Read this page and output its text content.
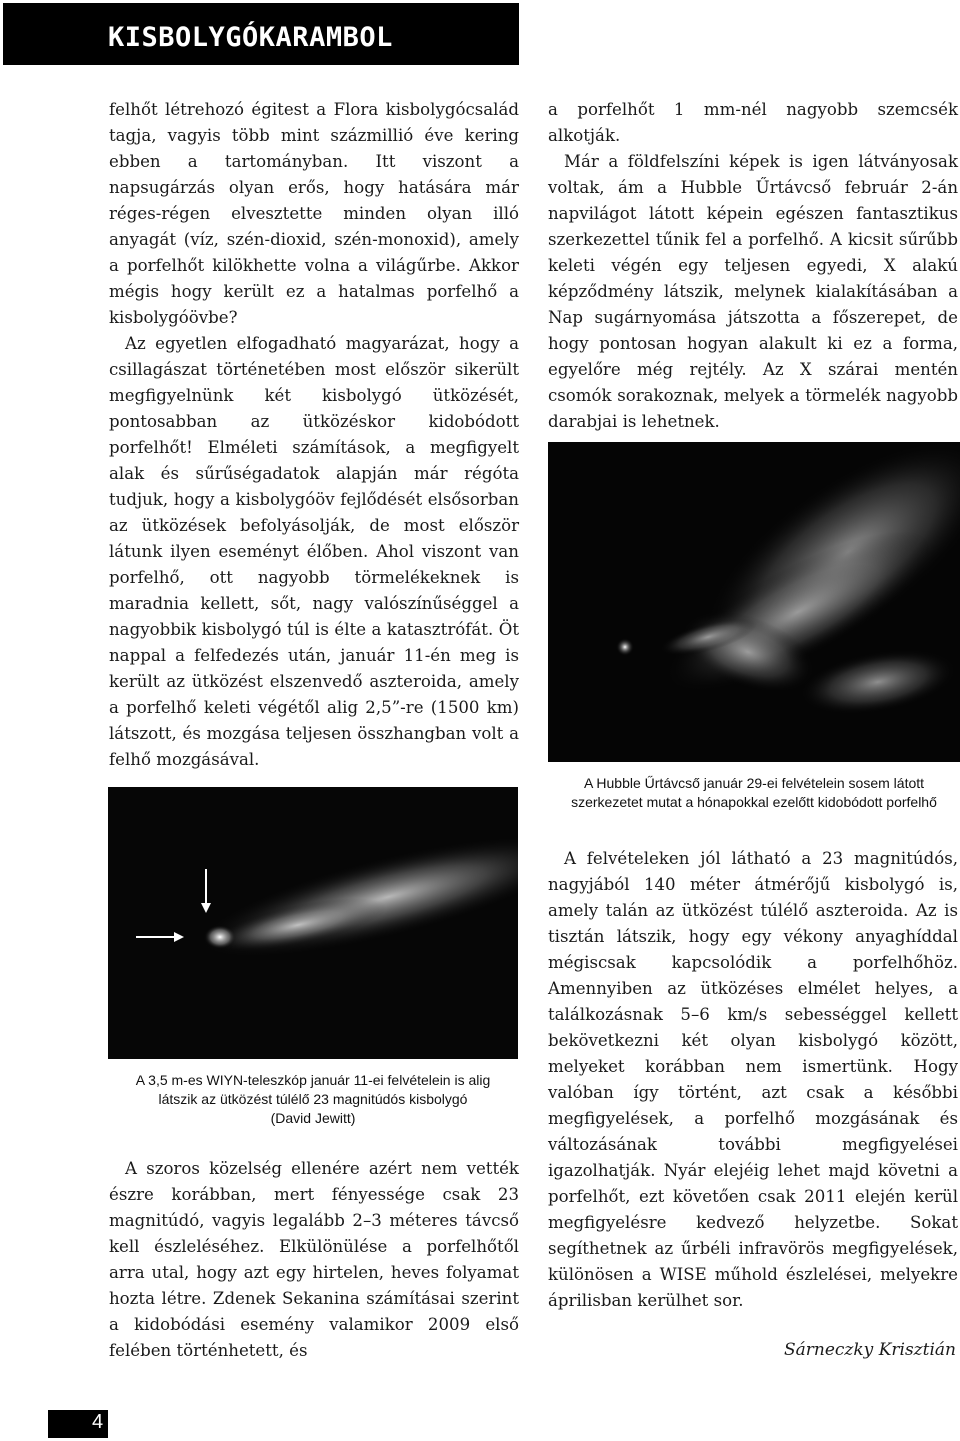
KISBOLYGÓKARAMBOL

felhőt létrehozó égitest a Flora kisbolygócsalád tagja, vagyis több mint százmillió éve kering ebben a tartományban. Itt viszont a napsugárzás olyan erős, hogy hatására már réges-régen elvesztette minden olyan illó anyagát (víz, szén-dioxid, szén-monoxid), amely a porfelhőt kilökhette volna a világűrbe. Akkor mégis hogy került ez a hatalmas porfelhő a kisbolygóövbe?

Az egyetlen elfogadható magyarázat, hogy a csillagászat történetében most először sikerült megfigyelnünk két kisbolygó ütközését, pontosabban az ütközéskor kidobódott porfelhőt! Elméleti számítások, a megfigyelt alak és sűrűségadatok alapján már régóta tudjuk, hogy a kisbolygóöv fejlődését elsősorban az ütközések befolyásolják, de most először látunk ilyen eseményt élőben. Ahol viszont van porfelhő, ott nagyobb törmelékeknek is maradnia kellett, sőt, nagy valószínűséggel a nagyobbik kisbolygó túl is élte a katasztrófát. Öt nappal a felfedezés után, január 11-én meg is került az ütközést elszenvedő aszteroida, amely a porfelhő keleti végétől alig 2,5”-re (1500 km) látszott, és mozgása teljesen összhangban volt a felhő mozgásával.

A 3,5 m-es WIYN-teleszkóp január 11-ei felvételein is alig

látszik az ütközést túlélő 23 magnitúdós kisbolygó

(David Jewitt)

A szoros közelség ellenére azért nem vették észre korábban, mert fényessége csak 23 magnitúdó, vagyis legalább 2–3 méteres távcső kell észleléséhez. Elkülönülése a porfelhőtől arra utal, hogy azt egy hirtelen, heves folyamat hozta létre. Zdenek Sekanina számításai szerint a kidobódási esemény valamikor 2009 első felében történhetett, és

a porfelhőt 1 mm-nél nagyobb szemcsék alkotják.

Már a földfelszíni képek is igen látványosak voltak, ám a Hubble Űrtávcső február 2-án napvilágot látott képein egészen fantasztikus szerkezettel tűnik fel a porfelhő. A kicsit sűrűbb keleti végén egy teljesen egyedi, X alakú képződmény látszik, melynek kialakításában a Nap sugárnyomása játszotta a főszerepet, de hogy pontosan hogyan alakult ki ez a forma, egyelőre még rejtély. Az X szárai mentén csomók sorakoznak, melyek a törmelék nagyobb darabjai is lehetnek.

A Hubble Űrtávcső január 29-ei felvételein sosem látott

szerkezetet mutat a hónapokkal ezelőtt kidobódott porfelhő

A felvételeken jól látható a 23 magnitúdós, nagyjából 140 méter átmérőjű kisbolygó is, amely talán az ütközést túlélő aszteroida. Az is tisztán látszik, hogy egy vékony anyaghíddal mégiscsak kapcsolódik a porfelhőhöz. Amennyiben az ütközéses elmélet helyes, a találkozásnak 5–6 km/s sebességgel kellett bekövetkezni két olyan kisbolygó között, melyeket korábban nem ismertünk. Hogy valóban így történt, azt csak a későbbi megfigyelések, a porfelhő mozgásának és változásának további megfigyelései igazolhatják. Nyár elejéig lehet majd követni a porfelhőt, ezt követően csak 2011 elején kerül megfigyelésre kedvező helyzetbe. Sokat segíthetnek az űrbéli infravörös megfigyelések, különösen a WISE műhold észlelései, melyekre áprilisban kerülhet sor.

Sárneczky Krisztián
4
